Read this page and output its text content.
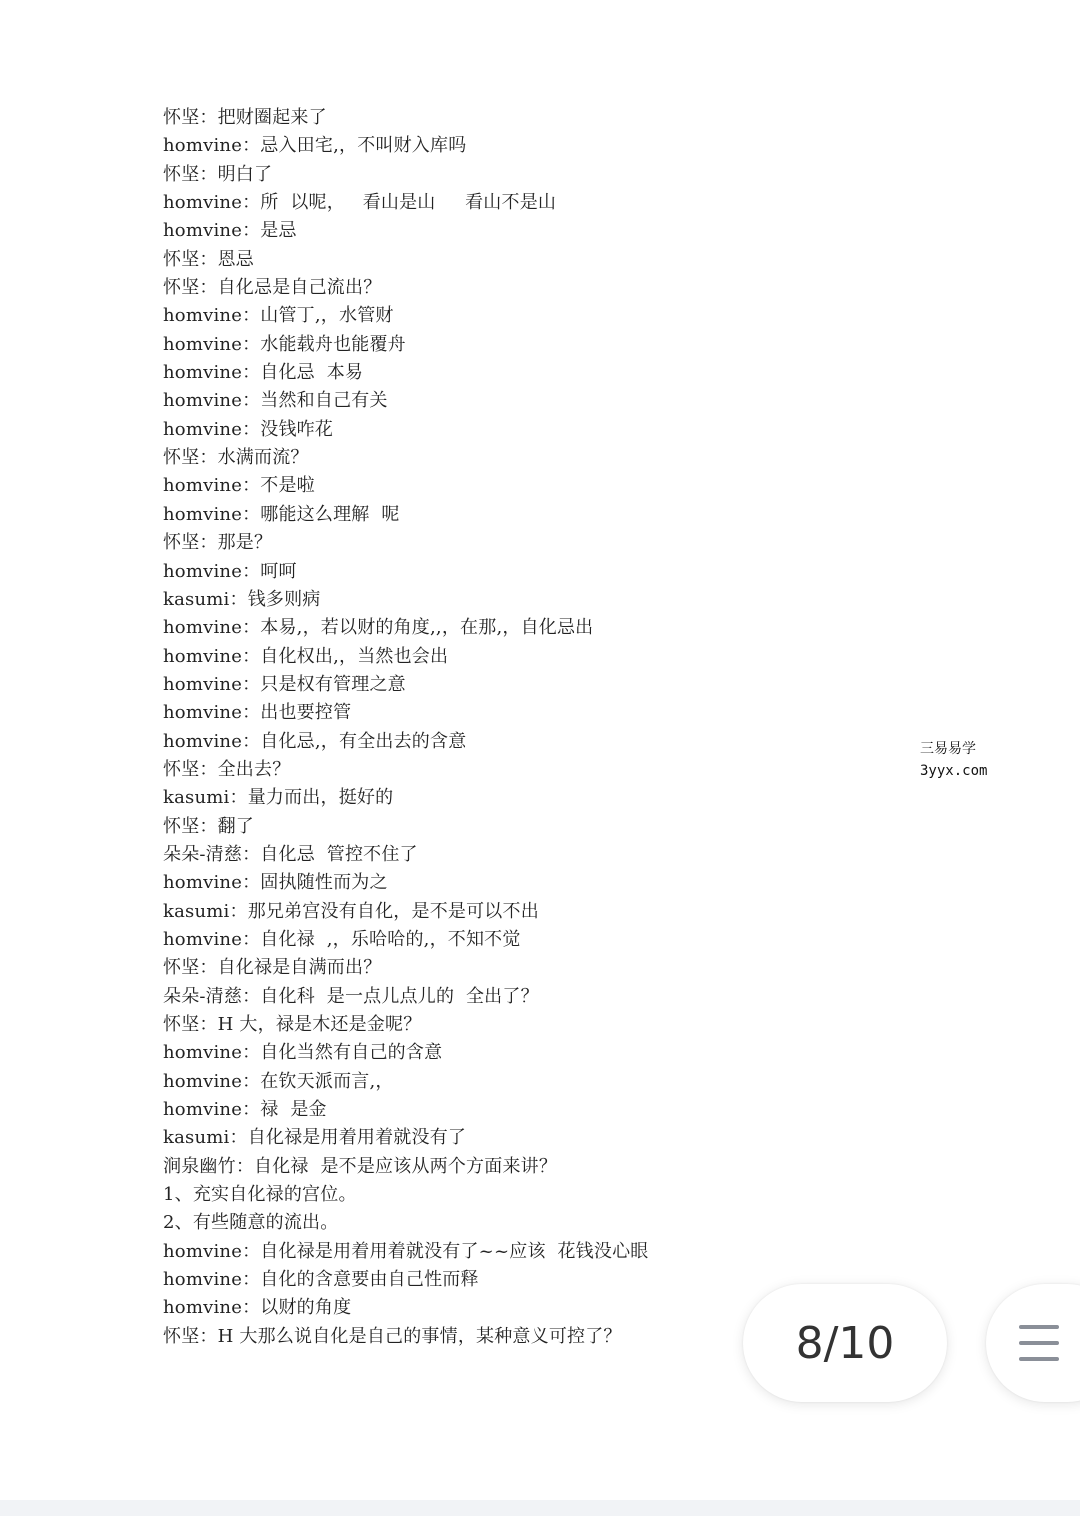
怀坚：把财圈起来了
homvine：忌入田宅,，不叫财入库吗
怀坚：明白了
homvine：所  以呢，   看山是山     看山不是山
homvine：是忌
怀坚：恩忌
怀坚：自化忌是自己流出？
homvine：山管丁,，水管财
homvine：水能载舟也能覆舟
homvine：自化忌  本易
homvine：当然和自己有关
homvine：没钱咋花
怀坚：水满而流？
homvine：不是啦
homvine：哪能这么理解  呢
怀坚：那是？
homvine：呵呵
kasumi：钱多则病
homvine：本易,，若以财的角度,,，在那,，自化忌出
homvine：自化权出,，当然也会出
homvine：只是权有管理之意
homvine：出也要控管
homvine：自化忌,，有全出去的含意
怀坚：全出去？
kasumi：量力而出，挺好的
怀坚：翻了
朵朵-清慈：自化忌  管控不住了
homvine：固执随性而为之
kasumi：那兄弟宫没有自化，是不是可以不出
homvine：自化禄  ,，乐哈哈的,，不知不觉
怀坚：自化禄是自满而出？
朵朵-清慈：自化科  是一点儿点儿的  全出了？
怀坚：H 大，禄是木还是金呢？
homvine：自化当然有自己的含意
homvine：在钦天派而言,，
homvine：禄  是金
kasumi：自化禄是用着用着就没有了
涧泉幽竹：自化禄  是不是应该从两个方面来讲？
1、充实自化禄的宫位。
2、有些随意的流出。
homvine：自化禄是用着用着就没有了~~应该  花钱没心眼
homvine：自化的含意要由自己性而释
homvine：以财的角度
怀坚：H 大那么说自化是自己的事情，某种意义可控了？
三易易学
3yyx.com
8/10
